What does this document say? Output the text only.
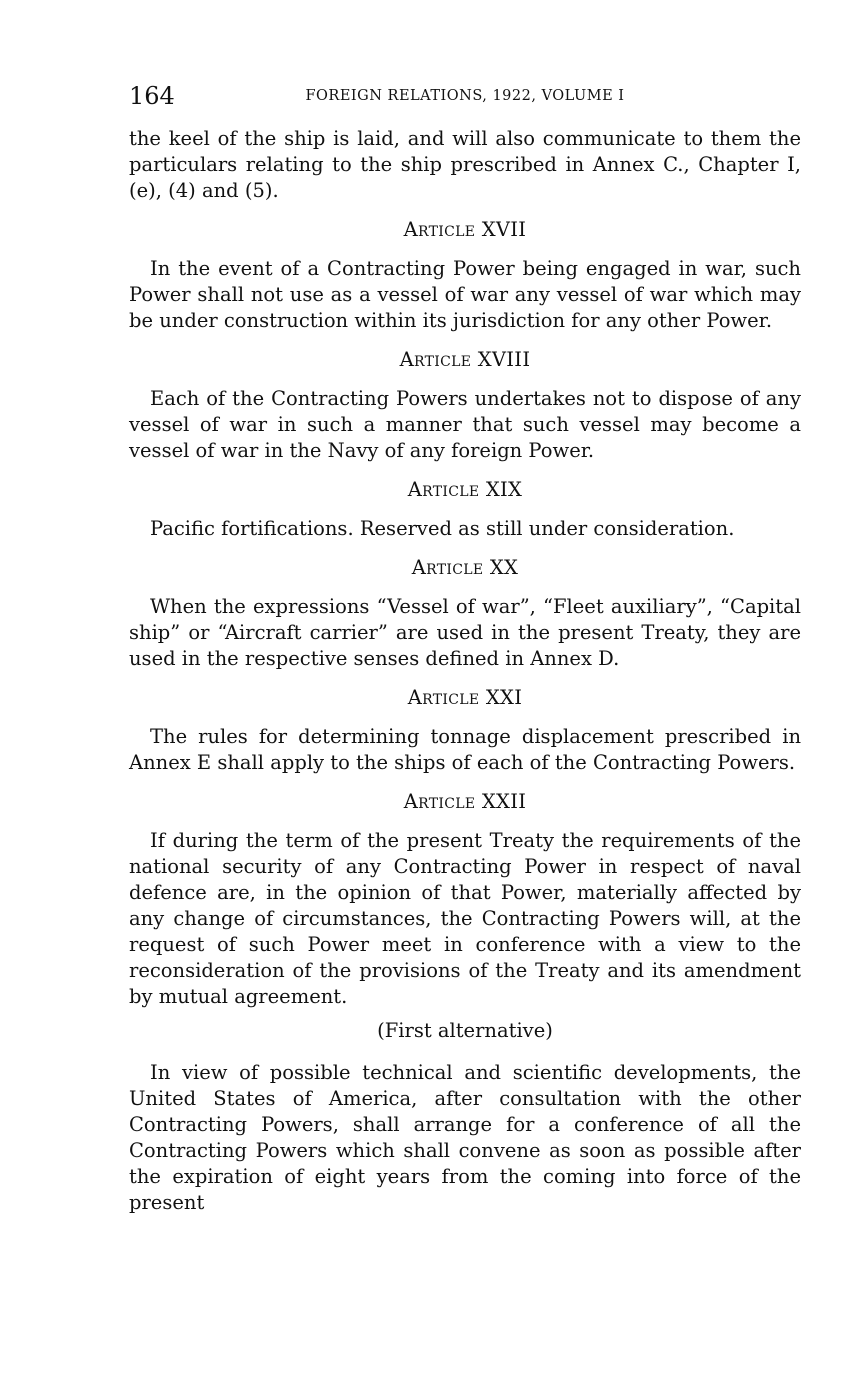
164	FOREIGN RELATIONS, 1922, VOLUME I

the keel of the ship is laid, and will also communicate to them the particulars relating to the ship prescribed in Annex C., Chapter I, (e), (4) and (5).

Article XVII

In the event of a Contracting Power being engaged in war, such Power shall not use as a vessel of war any vessel of war which may be under construction within its jurisdiction for any other Power.

Article XVIII

Each of the Contracting Powers undertakes not to dispose of any vessel of war in such a manner that such vessel may become a vessel of war in the Navy of any foreign Power.

Article XIX

Pacific fortifications. Reserved as still under consideration.

Article XX

When the expressions “Vessel of war”, “Fleet auxiliary”, “Capital ship” or “Aircraft carrier” are used in the present Treaty, they are used in the respective senses defined in Annex D.

Article XXI

The rules for determining tonnage displacement prescribed in Annex E shall apply to the ships of each of the Contracting Powers.

Article XXII

If during the term of the present Treaty the requirements of the national security of any Contracting Power in respect of naval defence are, in the opinion of that Power, materially affected by any change of circumstances, the Contracting Powers will, at the request of such Power meet in conference with a view to the reconsideration of the provisions of the Treaty and its amendment by mutual agreement.

(First alternative)

In view of possible technical and scientific developments, the United States of America, after consultation with the other Contracting Powers, shall arrange for a conference of all the Contracting Powers which shall convene as soon as possible after the expiration of eight years from the coming into force of the present
